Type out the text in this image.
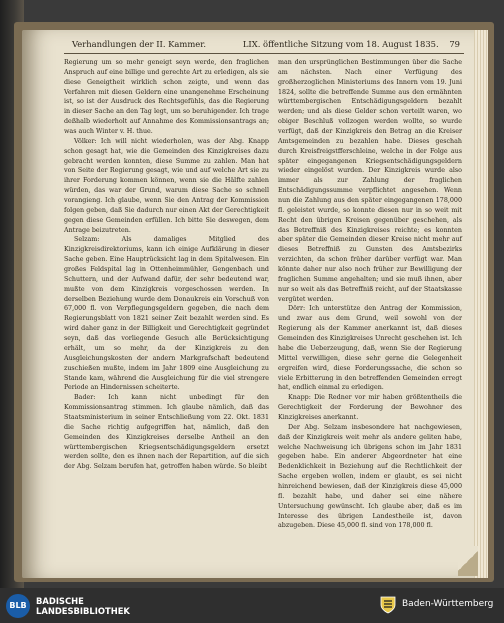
Verhandlungen der II. Kammer.	LIX. öffentliche Sitzung vom 18. August 1835. 79

Regierung um so mehr geneigt seyn werde, den fraglichen Anspruch auf eine billige und gerechte Art zu erledigen, als sie diese Geneigtheit wirklich schon zeigte, und wenn das Verfahren mit diesen Geldern eine unangenehme Erscheinung ist, so ist der Ausdruck des Rechtsgefühls, das die Regierung in dieser Sache an den Tag legt, um so beruhigender. Ich trage deßhalb wiederholt auf Annahme des Kommissionsantrags an; was auch Winter v. H. thue.

Völker: Ich will nicht wiederholen, was der Abg. Knapp schon gesagt hat, wie die Gemeinden des Kinzigkreises dazu gebracht werden konnten, diese Summe zu zahlen. Man hat von Seite der Regierung gesagt, wie und auf welche Art sie zu ihrer Forderung kommen können, wenn sie die Hälfte zahlen würden, das war der Grund, warum diese Sache so schnell vorangieng. Ich glaube, wenn Sie den Antrag der Kommission folgen geben, daß Sie dadurch nur einen Akt der Gerechtigkeit gegen diese Gemeinden erfüllen. Ich bitte Sie deswegen, dem Antrage beizutreten.

Selzam: Als damaliges Mitglied des Kinzigkreisdirektoriums, kann ich einige Aufklärung in dieser Sache geben. Eine Hauptrücksicht lag in dem Spitalwesen. Ein großes Feldspital lag in Ottenheimmühler, Gengenbach und Schuttern, und der Aufwand dafür, der sehr bedeutend war, mußte von dem Kinzigkreis vorgeschossen werden. In derselben Beziehung wurde dem Donaukreis ein Vorschuß von 67,000 fl. von Verpflegungsgeldern gegeben, die nach dem Regierungsblatt von 1821 seiner Zeit bezahlt werden sind. Es wird daher ganz in der Billigkeit und Gerechtigkeit gegründet seyn, daß das vorliegende Gesuch alle Berücksichtigung erhält, um so mehr, da der Kinzigkreis zu den Ausgleichungskosten der andern Markgrafschaft bedeutend zuschießen mußte, indem im Jahr 1809 eine Ausgleichung zu Stande kam, während die Ausgleichung für die viel strengere Periode an Hindernissen scheiterte.

Bader: Ich kann nicht unbedingt für den Kommissionsantrag stimmen. Ich glaube nämlich, daß das Staatsministerium in seiner Entschließung vom 22. Okt. 1831 die Sache richtig aufgegriffen hat, nämlich, daß den Gemeinden des Kinzigkreises derselbe Antheil an den württembergischen Kriegsentschädigungsgeldern ersetzt werden sollte, den es ihnen nach der Repartition, auf die sich der Abg. Selzam berufen hat, getroffen haben würde. So bleibt

man den ursprünglichen Bestimmungen über die Sache am nächsten. Nach einer Verfügung des großherzoglichen Ministeriums des Innern vom 19. Juni 1824, sollte die betreffende Summe aus den ermähnten württembergischen Entschädigungsgeldern bezahlt werden; und als diese Gelder schon verteilt waren, wo obiger Beschluß vollzogen werden wollte, so wurde verfügt, daß der Kinzigkreis den Betrag an die Kreiser Amtsgemeinden zu bezahlen habe. Dieses geschah durch Kreisfreigstfferschleine, welche in der Folge aus später eingegangenen Kriegsentschädigungsgeldern wieder eingelöst wurden. Der Kinzigkreis wurde also immer als zur Zahlung der fraglichen Entschädigungssumme verpflichtet angesehen. Wenn nun die Zahlung aus den später eingegangenen 178,000 fl. geleistet wurde, so konnte diesen nur in so weit mit Recht den übrigen Kreisen gegenüber geschehen, als das Betreffniß des Kinzigkreises reichte; es konnten aber später die Gemeinden dieser Kreise nicht mehr auf dieses Betreffniß zu Gunsten des Amtsbezirks verzichten, da schon früher darüber verfügt war. Man könnte daher nur also noch früher zur Bewilligung der fraglichen Summe angehalten; und sie muß ihnen, aber nur so weit als das Betreffniß reicht, auf der Staatskasse vergütet werden.

Dörr: Ich unterstütze den Antrag der Kommission, und zwar aus dem Grund, weil sowohl von der Regierung als der Kammer anerkannt ist, daß dieses Gemeinden des Kinzigkreises Unrecht geschehen ist. Ich habe die Ueberzeugung, daß, wenn Sie der Regierung Mittel verwilligen, diese sehr gerne die Gelegenheit ergreifen wird, diese Forderungssache, die schon so viele Erbitterung in den betreffenden Gemeinden erregt hat, endlich einmal zu erledigen.

Knapp: Die Redner vor mir haben größtentheils die Gerechtigkeit der Forderung der Bewohner des Kinzigkreises anerkannt.

Der Abg. Selzam insbesondere hat nachgewiesen, daß der Kinzigkreis weit mehr als andere geliten habe, welche Nachweisung ich übrigens schon im Jahr 1831 gegeben habe. Ein anderer Abgeordneter hat eine Bedenklichkeit in Beziehung auf die Rechtlichkeit der Sache ergeben wollen, indem er glaubt, es sei nicht hinreichend bewiesen, daß der Kinzigkreis diese 45,000 fl. bezahlt habe, und daher sei eine nähere Untersuchung gewünscht. Ich glaube aber, daß es im Interesse des übrigen Landestheile ist, davon abzugeben. Diese 45,000 fl. sind von 178,000 fl.

BLB	BADISCHE
LANDESBIBLIOTHEK
Baden-Württemberg
